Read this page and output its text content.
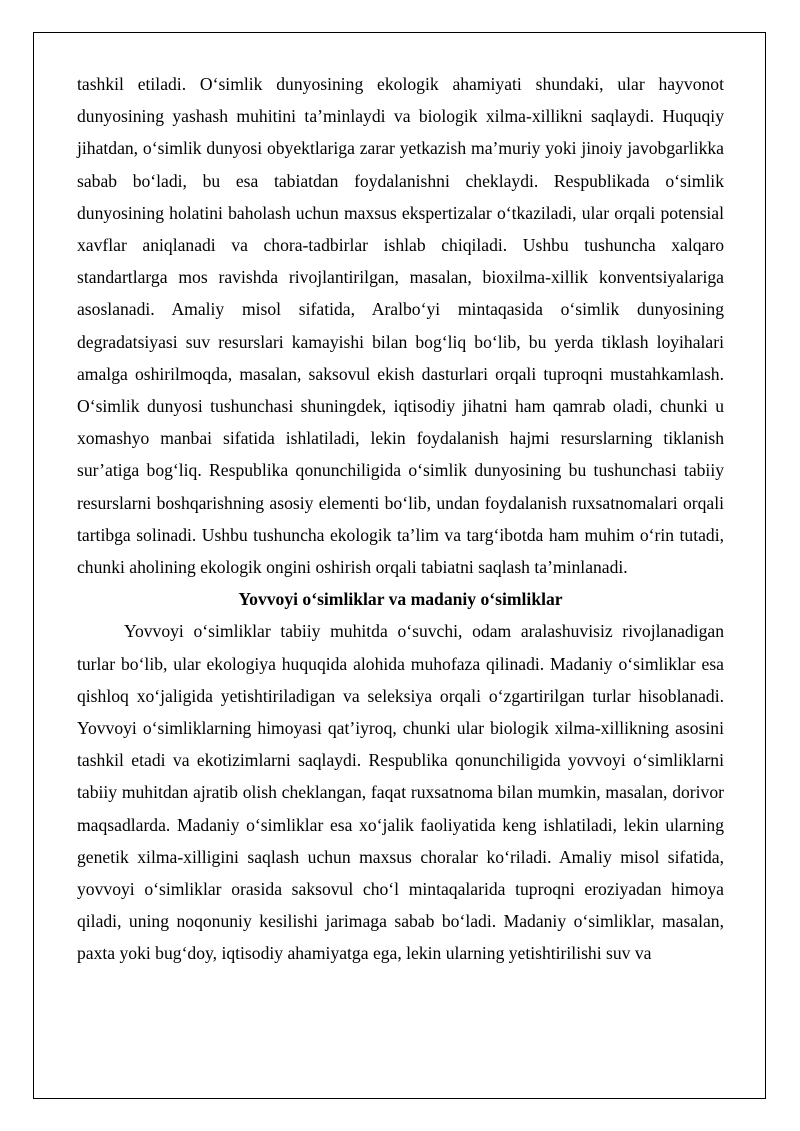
tashkil etiladi. O‘simlik dunyosining ekologik ahamiyati shundaki, ular hayvonot dunyosining yashash muhitini ta’minlaydi va biologik xilma-xillikni saqlaydi. Huquqiy jihatdan, o‘simlik dunyosi obyektlariga zarar yetkazish ma’muriy yoki jinoiy javobgarlikka sabab bo‘ladi, bu esa tabiatdan foydalanishni cheklaydi. Respublikada o‘simlik dunyosining holatini baholash uchun maxsus ekspertizalar o‘tkaziladi, ular orqali potensial xavflar aniqlanadi va chora-tadbirlar ishlab chiqiladi. Ushbu tushuncha xalqaro standartlarga mos ravishda rivojlantirilgan, masalan, bioxilma-xillik konventsiyalariga asoslanadi. Amaliy misol sifatida, Aralbo‘yi mintaqasida o‘simlik dunyosining degradatsiyasi suv resurslari kamayishi bilan bog‘liq bo‘lib, bu yerda tiklash loyihalari amalga oshirilmoqda, masalan, saksovul ekish dasturlari orqali tuproqni mustahkamlash. O‘simlik dunyosi tushunchasi shuningdek, iqtisodiy jihatni ham qamrab oladi, chunki u xomashyo manbai sifatida ishlatiladi, lekin foydalanish hajmi resurslarning tiklanish sur’atiga bog‘liq. Respublika qonunchiligida o‘simlik dunyosining bu tushunchasi tabiiy resurslarni boshqarishning asosiy elementi bo‘lib, undan foydalanish ruxsatnomalari orqali tartibga solinadi. Ushbu tushuncha ekologik ta’lim va targ‘ibotda ham muhim o‘rin tutadi, chunki aholining ekologik ongini oshirish orqali tabiatni saqlash ta’minlanadi.

Yovvoyi o‘simliklar va madaniy o‘simliklar

Yovvoyi o‘simliklar tabiiy muhitda o‘suvchi, odam aralashuvisiz rivojlanadigan turlar bo‘lib, ular ekologiya huquqida alohida muhofaza qilinadi. Madaniy o‘simliklar esa qishloq xo‘jaligida yetishtiriladigan va seleksiya orqali o‘zgartirilgan turlar hisoblanadi. Yovvoyi o‘simliklarning himoyasi qat’iyroq, chunki ular biologik xilma-xillikning asosini tashkil etadi va ekotizimlarni saqlaydi. Respublika qonunchiligida yovvoyi o‘simliklarni tabiiy muhitdan ajratib olish cheklangan, faqat ruxsatnoma bilan mumkin, masalan, dorivor maqsadlarda. Madaniy o‘simliklar esa xo‘jalik faoliyatida keng ishlatiladi, lekin ularning genetik xilma-xilligini saqlash uchun maxsus choralar ko‘riladi. Amaliy misol sifatida, yovvoyi o‘simliklar orasida saksovul cho‘l mintaqalarida tuproqni eroziyadan himoya qiladi, uning noqonuniy kesilishi jarimaga sabab bo‘ladi. Madaniy o‘simliklar, masalan, paxta yoki bug‘doy, iqtisodiy ahamiyatga ega, lekin ularning yetishtirilishi suv va
